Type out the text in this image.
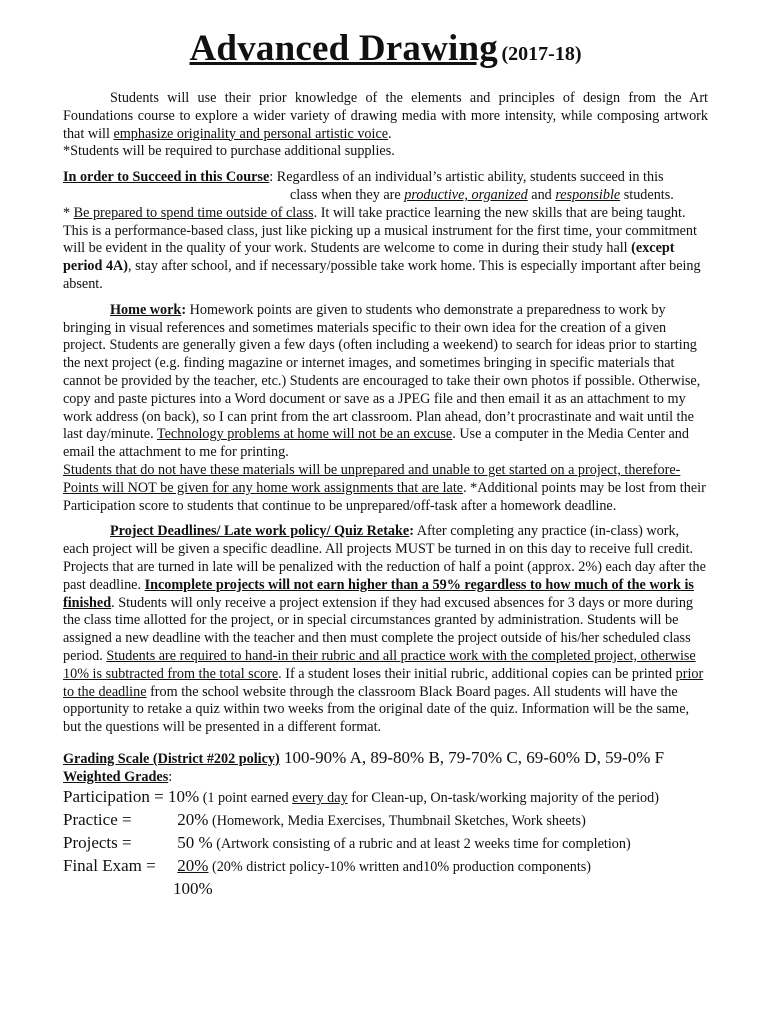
Advanced Drawing (2017-18)

Students will use their prior knowledge of the elements and principles of design from the Art Foundations course to explore a wider variety of drawing media with more intensity, while composing artwork that will emphasize originality and personal artistic voice.

*Students will be required to purchase additional supplies.

In order to Succeed in this Course: Regardless of an individual’s artistic ability, students succeed in this

class when they are productive, organized and responsible students.

* Be prepared to spend time outside of class. It will take practice learning the new skills that are being taught. This is a performance-based class, just like picking up a musical instrument for the first time, your commitment will be evident in the quality of your work. Students are welcome to come in during their study hall (except period 4A), stay after school, and if necessary/possible take work home. This is especially important after being absent.

Home work: Homework points are given to students who demonstrate a preparedness to work by bringing in visual references and sometimes materials specific to their own idea for the creation of a given project. Students are generally given a few days (often including a weekend) to search for ideas prior to starting the next project (e.g. finding magazine or internet images, and sometimes bringing in specific materials that cannot be provided by the teacher, etc.) Students are encouraged to take their own photos if possible. Otherwise, copy and paste pictures into a Word document or save as a JPEG file and then email it as an attachment to my work address (on back), so I can print from the art classroom. Plan ahead, don’t procrastinate and wait until the last day/minute. Technology problems at home will not be an excuse. Use a computer in the Media Center and email the attachment to me for printing.

Students that do not have these materials will be unprepared and unable to get started on a project, therefore- Points will NOT be given for any home work assignments that are late. *Additional points may be lost from their Participation score to students that continue to be unprepared/off-task after a homework deadline.

Project Deadlines/ Late work policy/ Quiz Retake: After completing any practice (in-class) work, each project will be given a specific deadline. All projects MUST be turned in on this day to receive full credit. Projects that are turned in late will be penalized with the reduction of half a point (approx. 2%) each day after the past deadline. Incomplete projects will not earn higher than a 59% regardless to how much of the work is finished. Students will only receive a project extension if they had excused absences for 3 days or more during the class time allotted for the project, or in special circumstances granted by administration. Students will be assigned a new deadline with the teacher and then must complete the project outside of his/her scheduled class period. Students are required to hand-in their rubric and all practice work with the completed project, otherwise 10% is subtracted from the total score. If a student loses their initial rubric, additional copies can be printed prior to the deadline from the school website through the classroom Black Board pages. All students will have the opportunity to retake a quiz within two weeks from the original date of the quiz. Information will be the same, but the questions will be presented in a different format.

Grading Scale (District #202 policy) 100-90% A, 89-80% B, 79-70% C, 69-60% D, 59-0% F

Weighted Grades:

Participation = 10% (1 point earned every day for Clean-up, On-task/working majority of the period)
Practice =	20% (Homework, Media Exercises, Thumbnail Sketches, Work sheets)
Projects =	50 % (Artwork consisting of a rubric and at least 2 weeks time for completion)
Final Exam = 20% (20% district policy-10% written and10% production components)
100%
